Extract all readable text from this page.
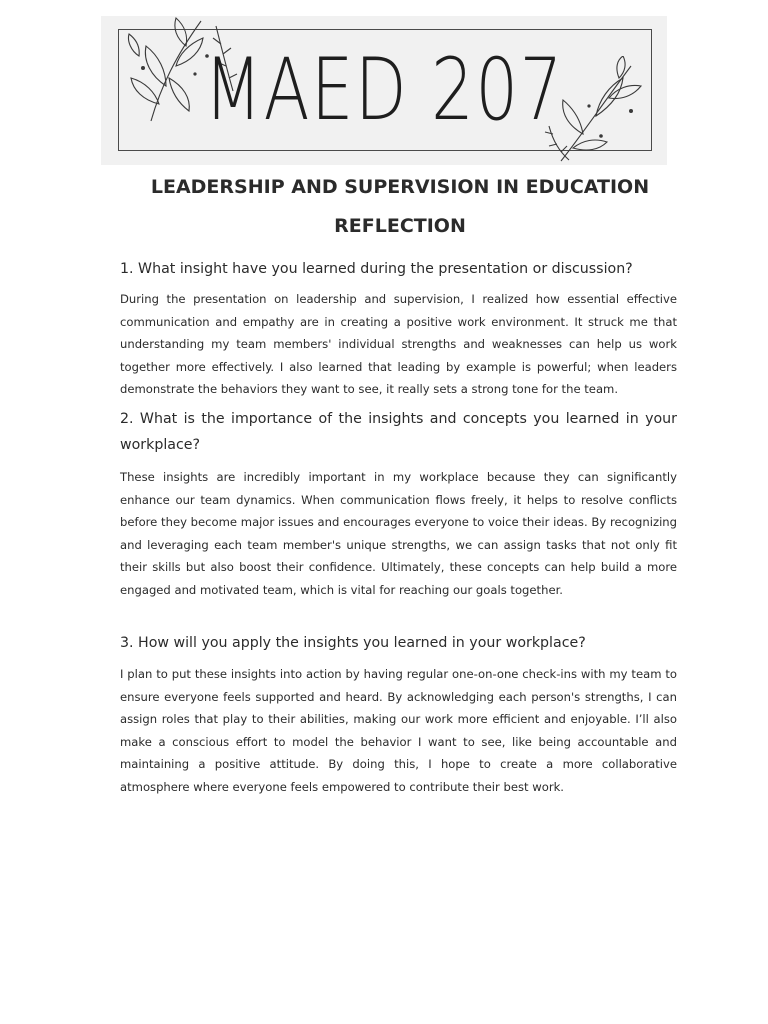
MAED 207
LEADERSHIP AND SUPERVISION IN EDUCATION
REFLECTION
1. What insight have you learned during the presentation or discussion?
During the presentation on leadership and supervision, I realized how essential effective communication and empathy are in creating a positive work environment. It struck me that understanding my team members' individual strengths and weaknesses can help us work together more effectively. I also learned that leading by example is powerful; when leaders demonstrate the behaviors they want to see, it really sets a strong tone for the team.
2. What is the importance of the insights and concepts you learned in your workplace?
These insights are incredibly important in my workplace because they can significantly enhance our team dynamics. When communication flows freely, it helps to resolve conflicts before they become major issues and encourages everyone to voice their ideas. By recognizing and leveraging each team member's unique strengths, we can assign tasks that not only fit their skills but also boost their confidence. Ultimately, these concepts can help build a more engaged and motivated team, which is vital for reaching our goals together.
3. How will you apply the insights you learned in your workplace?
I plan to put these insights into action by having regular one-on-one check-ins with my team to ensure everyone feels supported and heard. By acknowledging each person's strengths, I can assign roles that play to their abilities, making our work more efficient and enjoyable. I’ll also make a conscious effort to model the behavior I want to see, like being accountable and maintaining a positive attitude. By doing this, I hope to create a more collaborative atmosphere where everyone feels empowered to contribute their best work.
